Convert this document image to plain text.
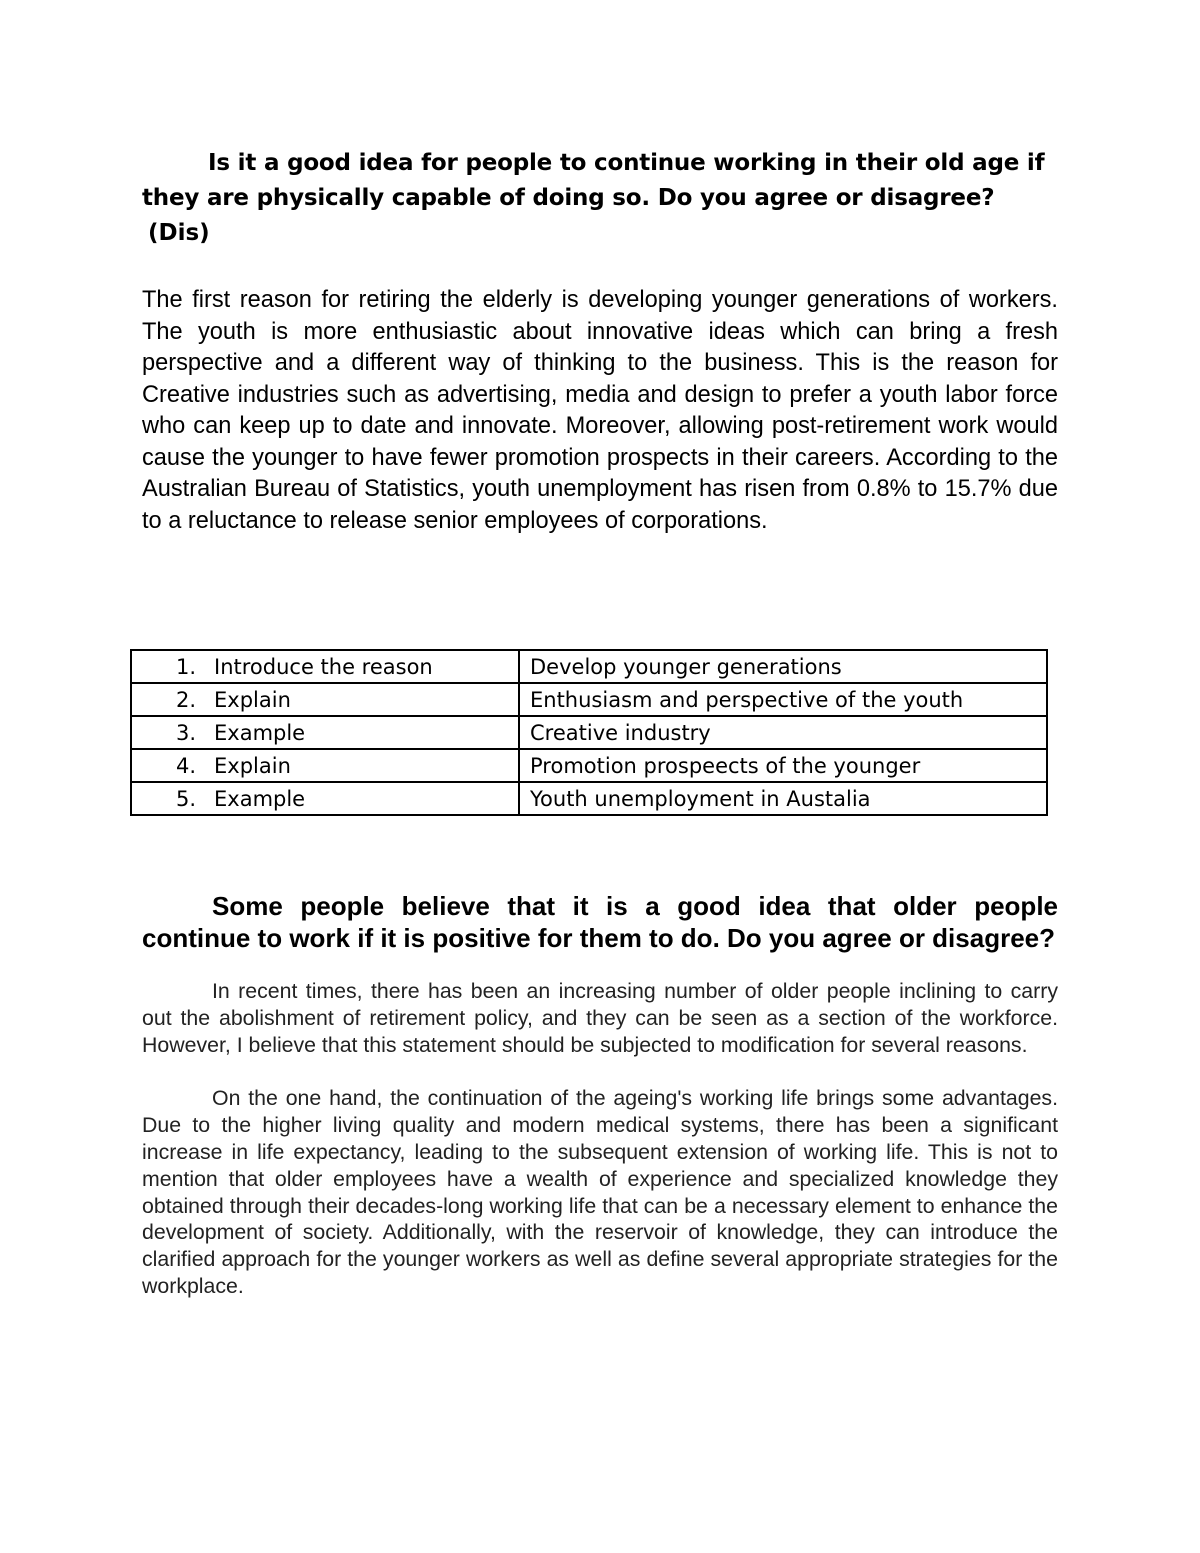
Is it a good idea for people to continue working in their old age if they are physically capable of doing so. Do you agree or disagree?

(Dis)

The first reason for retiring the elderly is developing younger generations of workers. The youth is more enthusiastic about innovative ideas which can bring a fresh perspective and a different way of thinking to the business. This is the reason for Creative industries such as advertising, media and design to prefer a youth labor force who can keep up to date and innovate. Moreover, allowing post-retirement work would cause the younger to have fewer promotion prospects in their careers. According to the Australian Bureau of Statistics, youth unemployment has risen from 0.8% to 15.7% due to a reluctance to release senior employees of corporations.

1. Introduce the reason	Develop younger generations
2. Explain	Enthusiasm and perspective of the youth
3. Example	Creative industry
4. Explain	Promotion prospeects of the younger
5. Example	Youth unemployment in Austalia

Some people believe that it is a good idea that older people continue to work if it is positive for them to do. Do you agree or disagree?

In recent times, there has been an increasing number of older people inclining to carry out the abolishment of retirement policy, and they can be seen as a section of the workforce. However, I believe that this statement should be subjected to modification for several reasons.

On the one hand, the continuation of the ageing's working life brings some advantages. Due to the higher living quality and modern medical systems, there has been a significant increase in life expectancy, leading to the subsequent extension of working life. This is not to mention that older employees have a wealth of experience and specialized knowledge they obtained through their decades-long working life that can be a necessary element to enhance the development of society. Additionally, with the reservoir of knowledge, they can introduce the clarified approach for the younger workers as well as define several appropriate strategies for the workplace.
